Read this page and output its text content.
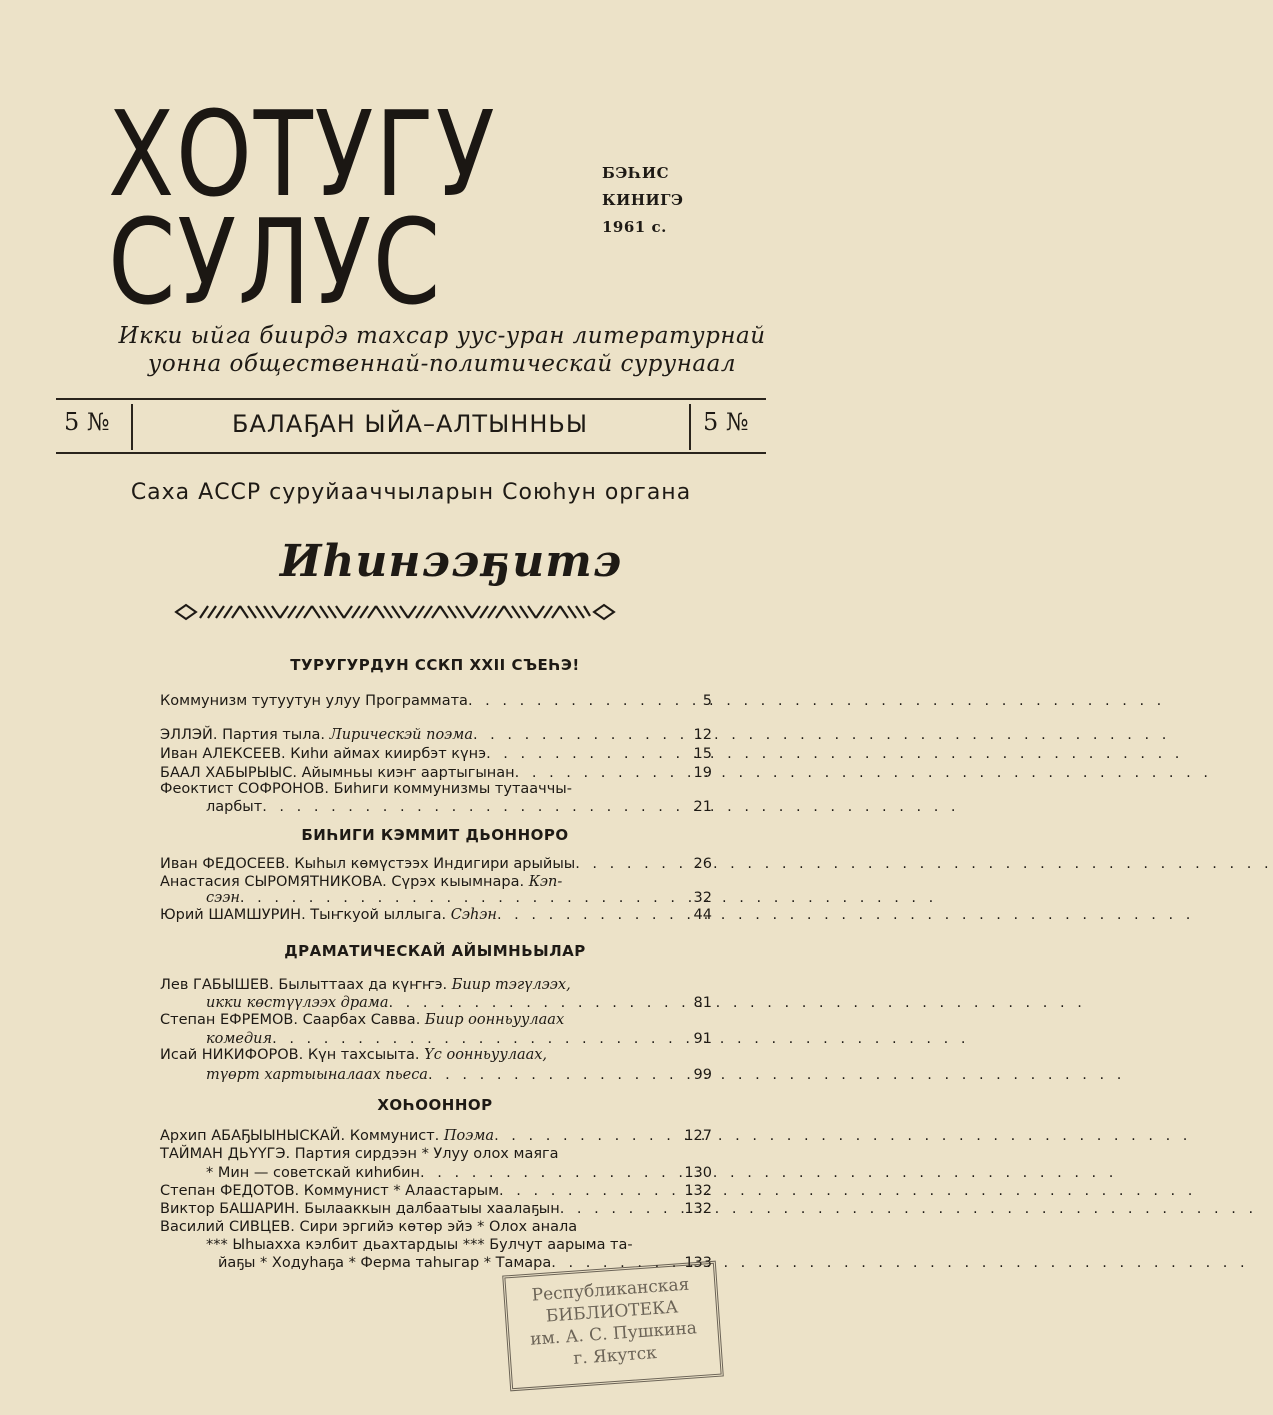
ХОТУГУ
СУЛУС
БЭҺИС
КИНИГЭ
1961 с.
Икки ыйга биирдэ тахсар уус-уран литературнай
уонна общественнай-политическай сурунаал
5 №	БАЛАҔАН ЫЙА–АЛТЫННЬЫ	5 №
Саха АССР суруйааччыларын Союһун органа
Иһинээҕитэ
ТУРУГУРДУН ССКП XXII СЪЕҺЭ!
Коммунизм тутуутун улуу Программата . . .	5
ЭЛЛЭЙ. Партия тыла. Лирическэй поэма . . .	12
Иван АЛЕКСЕЕВ. Киһи аймах киирбэт күнэ . . .	15
БААЛ ХАБЫРЫЫС. Айымньы киэҥ аартыгынан . . .	19
Феоктист СОФРОНОВ. Биһиги коммунизмы тутааччы-
ларбыт . . .	21
БИҺИГИ КЭММИТ ДЬОННОРО
Иван ФЕДОСЕЕВ. Кыһыл көмүстээх Индигири арыйыы . . .	26
Анастасия СЫРОМЯТНИКОВА. Сүрэх кыымнара. Кэп-
сээн . . .	32
Юрий ШАМШУРИН. Тыҥкуой ыллыга. Сэһэн . . .	44
ДРАМАТИЧЕСКАЙ АЙЫМНЬЫЛАР
Лев ГАБЫШЕВ. Былыттаах да күҥҥэ. Биир тэгүлээх,
икки көстүүлээх драма . . .	81
Степан ЕФРЕМОВ. Саарбах Савва. Биир оонньуулаах
комедия . . .	91
Исай НИКИФОРОВ. Күн тахсыыта. Үс оонньуулаах,
түөрт хартыыналаах пьеса . . .	99
ХОҺООННОР
Архип АБАҔЫЫНЫСКАЙ. Коммунист. Поэма . . .	127
ТАЙМАН ДЬҮҮГЭ. Партия сирдээн * Улуу олох маяга
* Мин — советскай киһибин . . .	130
Степан ФЕДОТОВ. Коммунист * Алаастарым . . .	132
Виктор БАШАРИН. Былааккын далбаатыы хаалаҕын . . .	132
Василий СИВЦЕВ. Сири эргийэ көтөр эйэ * Олох анала
*** Ыһыахха кэлбит дьахтардыы *** Булчут аарыма та-
йаҕы * Ходуһаҕа * Ферма таһыгар * Тамара . . .	133
Республиканская
БИБЛИОТЕКА
им. А. С. Пушкина
г. Якутск
